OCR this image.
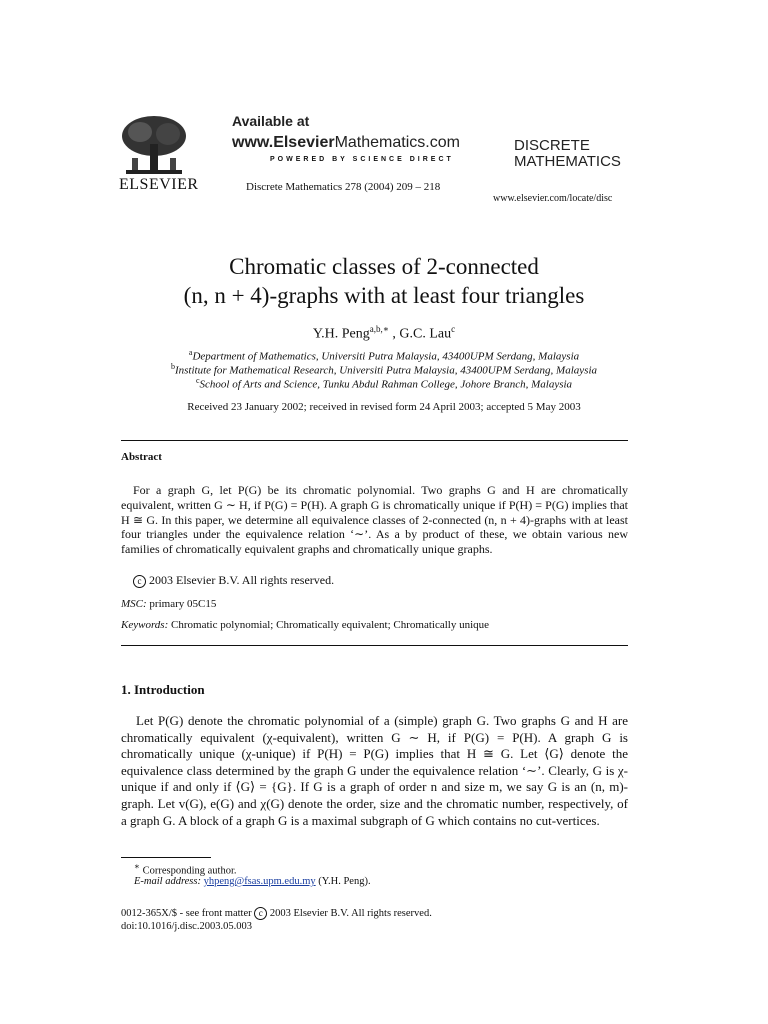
ELSEVIER
Available at
www.ElsevierMathematics.com
POWERED BY SCIENCE DIRECT
Discrete Mathematics 278 (2004) 209 – 218
DISCRETE
MATHEMATICS
www.elsevier.com/locate/disc
Chromatic classes of 2-connected
(n, n + 4)-graphs with at least four triangles
Y.H. Peng$^{a,b,∗}$ , G.C. Lau$^c$
$^a$Department of Mathematics, Universiti Putra Malaysia, 43400UPM Serdang, Malaysia
$^b$Institute for Mathematical Research, Universiti Putra Malaysia, 43400UPM Serdang, Malaysia
$^c$School of Arts and Science, Tunku Abdul Rahman College, Johore Branch, Malaysia
Received 23 January 2002; received in revised form 24 April 2003; accepted 5 May 2003
Abstract

For a graph G, let P(G) be its chromatic polynomial. Two graphs G and H are chromatically equivalent, written G ∼ H, if P(G) = P(H). A graph G is chromatically unique if P(H) = P(G) implies that H ≅ G. In this paper, we determine all equivalence classes of 2-connected (n, n + 4)-graphs with at least four triangles under the equivalence relation ‘∼’. As a by product of these, we obtain various new families of chromatically equivalent graphs and chromatically unique graphs.

c 2003 Elsevier B.V. All rights reserved.
MSC: primary 05C15
Keywords: Chromatic polynomial; Chromatically equivalent; Chromatically unique
1. Introduction

Let P(G) denote the chromatic polynomial of a (simple) graph G. Two graphs G and H are chromatically equivalent (χ-equivalent), written G ∼ H, if P(G) = P(H). A graph G is chromatically unique (χ-unique) if P(H) = P(G) implies that H ≅ G. Let ⟨G⟩ denote the equivalence class determined by the graph G under the equivalence relation ‘∼’. Clearly, G is χ-unique if and only if ⟨G⟩ = {G}. If G is a graph of order n and size m, we say G is an (n, m)-graph. Let v(G), e(G) and χ(G) denote the order, size and the chromatic number, respectively, of a graph G. A block of a graph G is a maximal subgraph of G which contains no cut-vertices.

∗ Corresponding author.
E-mail address: yhpeng@fsas.upm.edu.my (Y.H. Peng).
0012-365X/$ - see front matter c 2003 Elsevier B.V. All rights reserved.
doi:10.1016/j.disc.2003.05.003
